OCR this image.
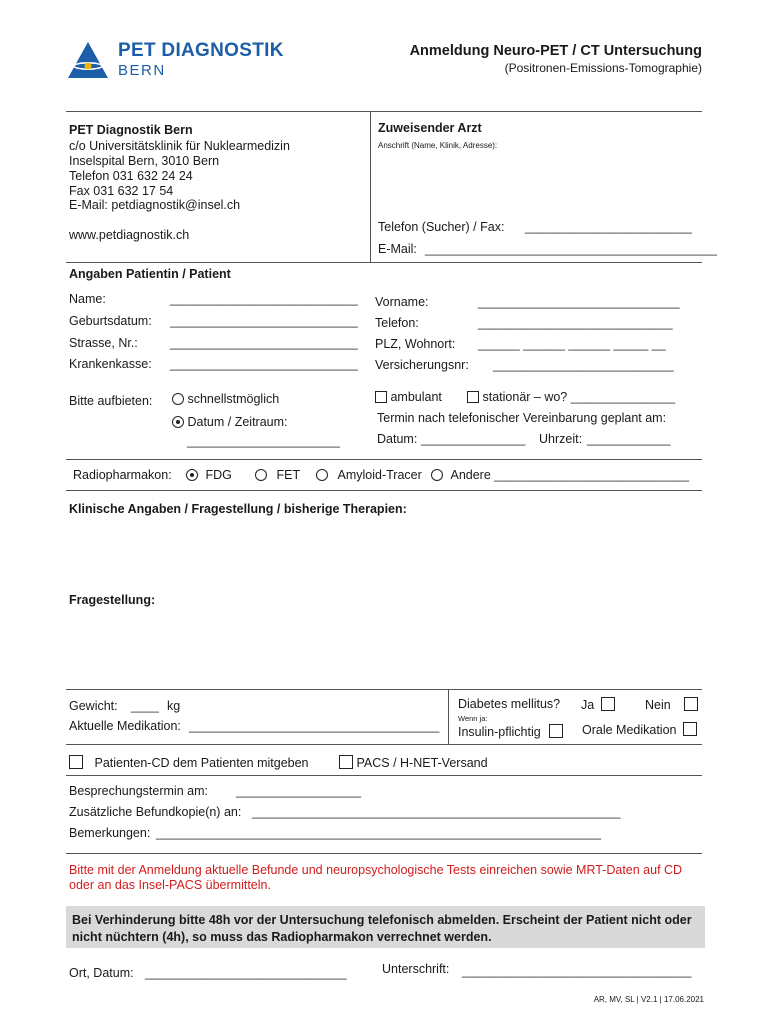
PET DIAGNOSTIK
BERN
Anmeldung Neuro-PET / CT Untersuchung
(Positronen-Emissions-Tomographie)
PET Diagnostik Bern
c/o Universitätsklinik für Nuklearmedizin
Inselspital Bern, 3010 Bern
Telefon 031 632 24 24
Fax 031 632 17 54
E-Mail: petdiagnostik@insel.ch
www.petdiagnostik.ch
Zuweisender Arzt
Anschrift (Name, Klinik, Adresse):
Telefon (Sucher) / Fax: ________________________
E-Mail: __________________________________________
Angaben Patientin / Patient
Name:	___________________________
Geburtsdatum: ___________________________
Strasse, Nr.:	___________________________
Krankenkasse: ___________________________
Vorname:	_____________________________
Telefon:	____________________________
PLZ, Wohnort: ______ ______ ______ _____ __
Versicherungsnr: __________________________
Bitte aufbieten:	schnellstmöglich
Datum / Zeitraum:
______________________
ambulant	stationär – wo? _______________
Termin nach telefonischer Vereinbarung geplant am:
Datum: _______________ Uhrzeit: ____________
Radiopharmakon:	FDG	FET	Amyloid-Tracer	Andere ____________________________
Klinische Angaben / Fragestellung / bisherige Therapien:
Fragestellung:
Gewicht: ____ kg
Aktuelle Medikation: ____________________________________
Diabetes mellitus? Ja	Nein
Wenn ja:
Insulin-pflichtig	Orale Medikation
Patienten-CD dem Patienten mitgeben	PACS / H-NET-Versand
Besprechungstermin am: __________________
Zusätzliche Befundkopie(n) an: _____________________________________________________
Bemerkungen: ________________________________________________________________
Bitte mit der Anmeldung aktuelle Befunde und neuropsychologische Tests einreichen sowie MRT-Daten auf CD oder an das Insel-PACS übermitteln.
Bei Verhinderung bitte 48h vor der Untersuchung telefonisch abmelden. Erscheint der Patient nicht oder nicht nüchtern (4h), so muss das Radiopharmakon verrechnet werden.
Ort, Datum: _____________________________	Unterschrift: _________________________________
AR, MV, SL | V2.1 | 17.06.2021
